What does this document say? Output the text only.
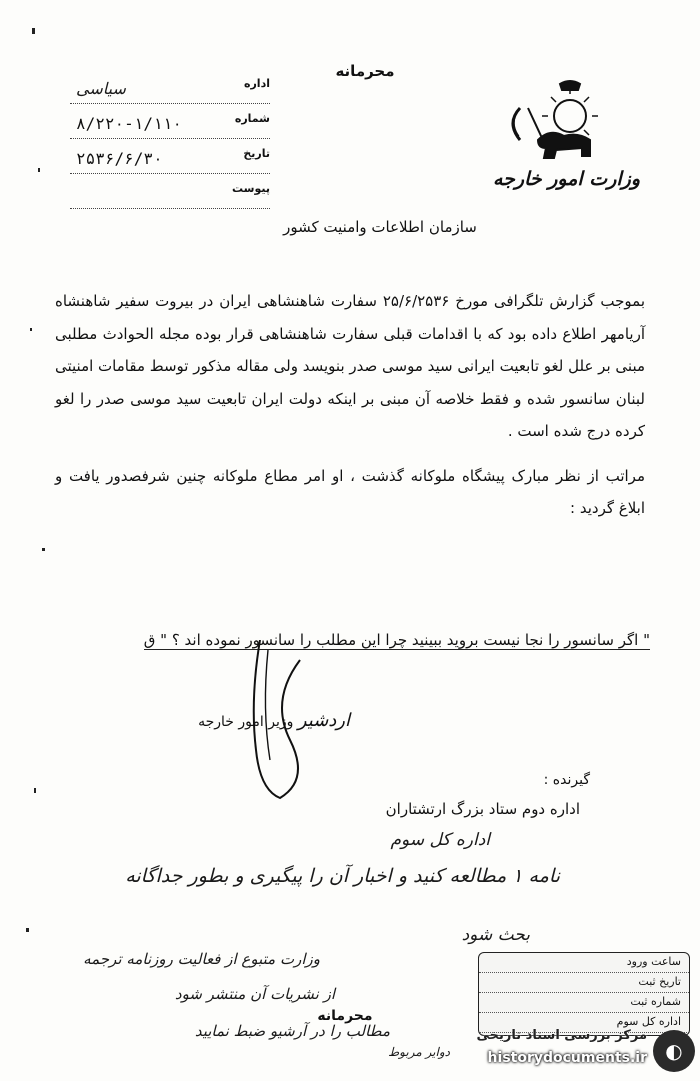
محرمانه
وزارت امور خارجه
اداره
سیاسی
شماره
۸/۲۲۰-۱/۱۱۰
تاریخ
۲۵۳۶/۶/۳۰
پیوست
سازمان اطلاعات وامنیت کشور

بموجب گزارش تلگرافی مورخ ۲۵/۶/۲۵۳۶ سفارت شاهنشاهی ایران در بیروت سفیر شاهنشاه آریامهر اطلاع داده بود که با اقدامات قبلی سفارت شاهنشاهی قرار بوده مجله الحوادث مطلبی مبنی بر علل لغو تابعیت ایرانی سید موسی صدر بنویسد ولی مقاله مذکور توسط مقامات امنیتی لبنان سانسور شده و فقط خلاصه آن مبنی بر اینکه دولت ایران تابعیت سید موسی صدر را لغو کرده درج شده است .

مراتب از نظر مبارک پیشگاه ملوکانه گذشت ، او امر مطاع ملوکانه چنین شرفصدور یافت و ابلاغ گردید :

" اگر سانسور را نجا نیست بروید ببینید چرا این مطلب را سانسور نموده اند ؟ " ق
اردشیر وزیر امور خارجه
گیرنده :
اداره دوم ستاد بزرگ ارتشتاران
اداره کل سوم
نامه ۱ مطالعه کنید و اخبار آن را پیگیری و بطور جداگانه
بحث شود
وزارت متبوع از فعالیت روزنامه ترجمه
از نشریات آن منتشر شود
مطالب را در آرشیو ضبط نمایید
دوایر مربوط
محرمانه
ساعت ورود
تاریخ ثبت
شماره ثبت
اداره کل سوم
◐
مرکز بررسی اسناد تاریخی
historydocuments.ir
